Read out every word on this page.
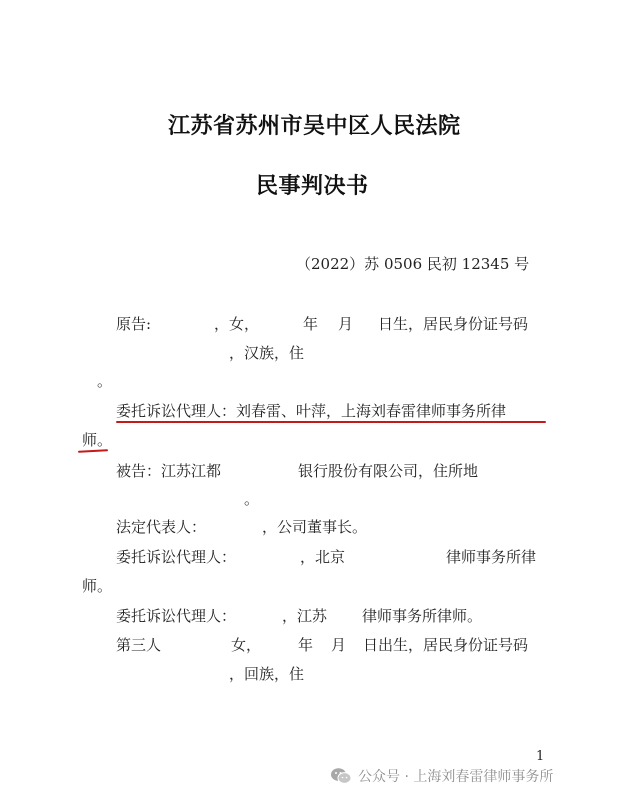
江苏省苏州市吴中区人民法院
民事判决书
（2022）苏 0506 民初 12345 号
原告:	，女，	年 月 日生，居民身份证号码
，汉族，住
。
委托诉讼代理人：刘春雷、叶萍，上海刘春雷律师事务所律
师。
被告：江苏江都	银行股份有限公司，住所地
。
法定代表人：	，公司董事长。
委托诉讼代理人：	，北京	律师事务所律
师。
委托诉讼代理人：	，江苏 律师事务所律师。
第三人	女， 年 月 日出生，居民身份证号码
，回族，住
1
公众号 · 上海刘春雷律师事务所
